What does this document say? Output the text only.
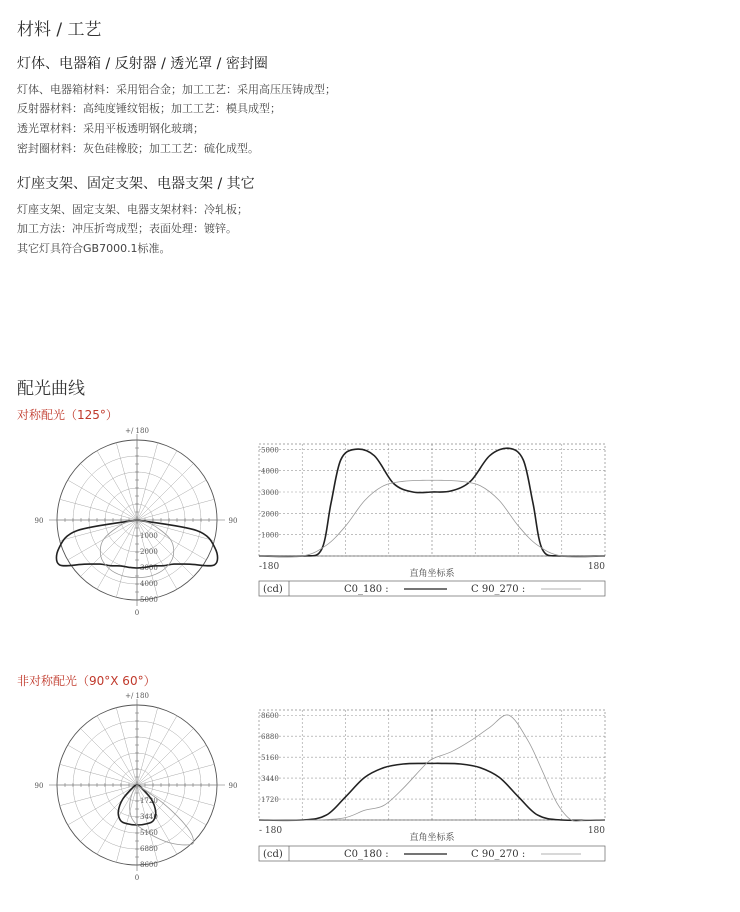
材料 / 工艺
灯体、电器箱 / 反射器 / 透光罩 / 密封圈
灯体、电器箱材料：采用铝合金；加工工艺：采用高压压铸成型；
反射器材料：高纯度锤纹铝板；加工工艺：模具成型；
透光罩材料：采用平板透明钢化玻璃；
密封圈材料：灰色硅橡胶；加工工艺：硫化成型。
灯座支架、固定支架、电器支架 / 其它
灯座支架、固定支架、电器支架材料：冷轧板；
加工方法：冲压折弯成型；表面处理：镀锌。
其它灯具符合GB7000.1标准。
配光曲线
对称配光（125°）
非对称配光（90°X 60°）
1000
2000
3000
4000
5000
+/ 180
90	90
0
1000
2000
3000
4000
5000
-180	180
直角坐标系
(cd)	C0_180 :	C 90_270 :
1720
3440
5160
6880
8600
+/ 180
90	90
0
1720
3440
5160
6880
8600
- 180	180
直角坐标系
(cd)	C0_180 :	C 90_270 :
